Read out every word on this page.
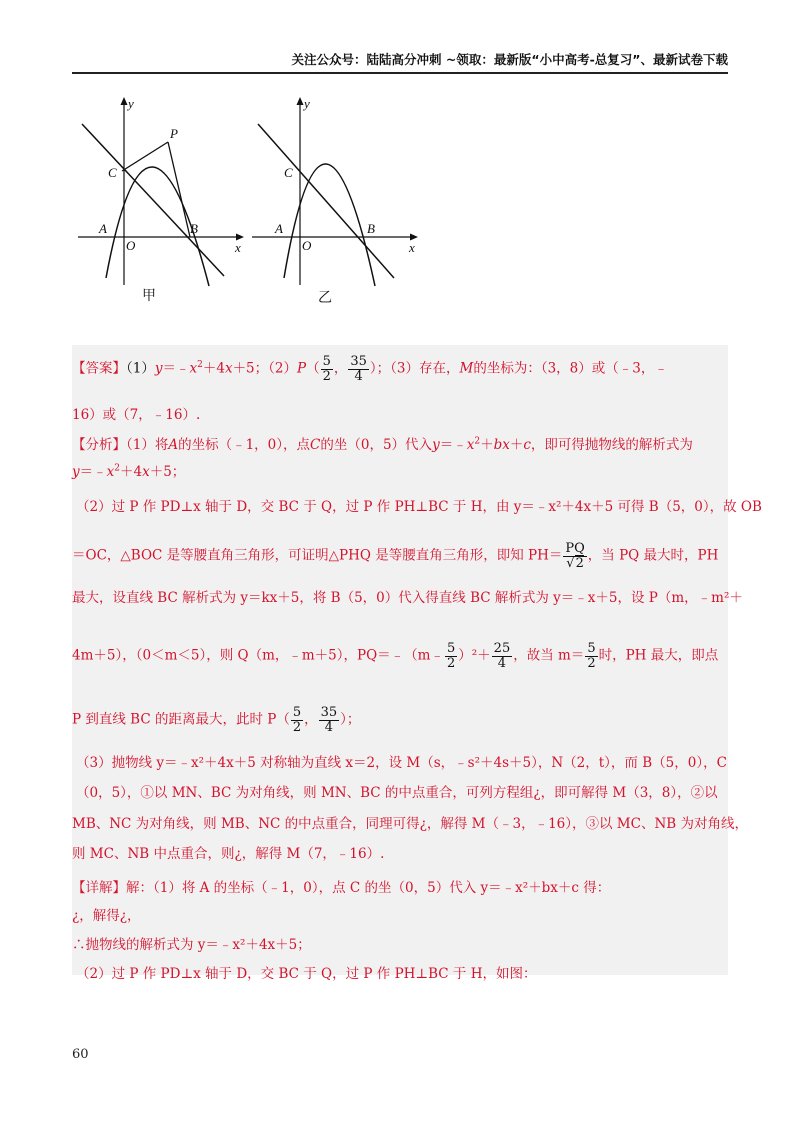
关注公众号：陆陆高分冲刺 ~领取：最新版“小中高考-总复习”、最新试卷下载
y
x
A
O
B
C
P
甲
y
x
A
O
B
C
乙
【答案】$(1)y=﹣x^2+4x+5$；$(2)P( \frac{5}{2}$ ， $\frac{35}{4}$ ）；（3）存在，M的坐标为：（3，8）或（﹣3，﹣
16）或（7，﹣16）.
【分析】（1）将A的坐标（﹣1，0），点C的坐（0，5）代入$y=﹣x^2+bx+c$，即可得抛物线的解析式为
$y=﹣x^2+4x+5$；
（2）过 P 作 PD⊥x 轴于 D，交 BC 于 Q，过 P 作 PH⊥BC 于 H，由 y＝﹣x²＋4x＋5 可得 B（5，0），故 OB
＝OC，△BOC 是等腰直角三角形，可证明△PHQ 是等腰直角三角形，即知 $PH= \frac{PQ}{√2}$ ，当 PQ 最大时，PH
最大，设直线 BC 解析式为 y＝kx＋5，将 B（5，0）代入得直线 BC 解析式为 y＝﹣x＋5，设 P（m，﹣m²＋
4m＋5），（0＜m＜5），则 Q（m，﹣m＋5），PQ＝﹣（m﹣ $\frac{5}{2} )^2+ \frac{25}{4}$ ，故当 $m= \frac{5}{2}$ 时，PH 最大，即点
P 到直线 BC 的距离最大，此时 $P( \frac{5}{2}$ ， $\frac{35}{4}$ ）；
（3）抛物线 y＝﹣x²＋4x＋5 对称轴为直线 x＝2，设 M（s，﹣s²＋4s＋5），N（2，t），而 B（5，0），C
（0，5），①以 MN、BC 为对角线，则 MN、BC 的中点重合，可列方程组¿，即可解得 M（3，8），②以
MB、NC 为对角线，则 MB、NC 的中点重合，同理可得¿，解得 M（﹣3，﹣16），③以 MC、NB 为对角线，
则 MC、NB 中点重合，则¿，解得 M（7，﹣16）.
【详解】解：（1）将 A 的坐标（﹣1，0），点 C 的坐（0，5）代入 y＝﹣x²＋bx＋c 得：
¿，解得¿，
∴抛物线的解析式为 y＝﹣x²＋4x＋5；
（2）过 P 作 PD⊥x 轴于 D，交 BC 于 Q，过 P 作 PH⊥BC 于 H，如图：
60
